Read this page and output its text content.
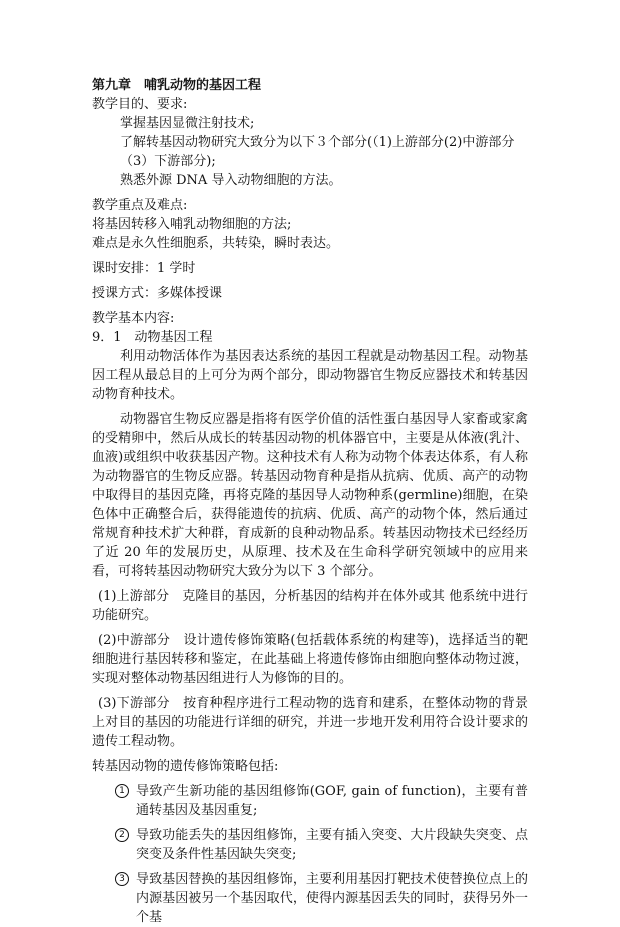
第九章　哺乳动物的基因工程
教学目的、要求:
掌握基因显微注射技术;
了解转基因动物研究大致分为以下３个部分(（1)上游部分(2)中游部分（3）下游部分);
熟悉外源 DNA 导入动物细胞的方法。
教学重点及难点:
将基因转移入哺乳动物细胞的方法;
难点是永久性细胞系，共转染，瞬时表达。
课时安排：1 学时
授课方式：多媒体授课
教学基本内容:
9．1　动物基因工程
利用动物活体作为基因表达系统的基因工程就是动物基因工程。动物基因工程从最总目的上可分为两个部分，即动物器官生物反应器技术和转基因动物育种技术。
动物器官生物反应器是指将有医学价值的活性蛋白基因导人家畜或家禽的受精卵中，然后从成长的转基因动物的机体器官中，主要是从体液(乳汁、血液)或组织中收获基因产物。这种技术有人称为动物个体表达体系，有人称为动物器官的生物反应器。转基因动物育种是指从抗病、优质、高产的动物中取得目的基因克隆，再将克隆的基因导人动物种系(germline)细胞，在染色体中正确整合后，获得能遗传的抗病、优质、高产的动物个体，然后通过常规育种技术扩大种群，育成新的良种动物品系。转基因动物技术已经经历了近 20 年的发展历史，从原理、技术及在生命科学研究领域中的应用来看，可将转基因动物研究大致分为以下 3 个部分。
(1)上游部分　克隆目的基因，分析基因的结构并在体外或其 他系统中进行功能研究。
(2)中游部分　设计遗传修饰策略(包括载体系统的构建等)，选择适当的靶细胞进行基因转移和鉴定，在此基础上将遗传修饰由细胞向整体动物过渡，实现对整体动物基因组进行人为修饰的目的。
(3)下游部分　按育种程序进行工程动物的选育和建系，在整体动物的背景上对目的基因的功能进行详细的研究，并进一步地开发利用符合设计要求的遗传工程动物。
转基因动物的遗传修饰策略包括:
1 导致产生新功能的基因组修饰(GOF, gain of function)，主要有普通转基因及基因重复;
2 导致功能丢失的基因组修饰，主要有插入突变、大片段缺失突变、点突变及条件性基因缺失突变;
3 导致基因替换的基因组修饰，主要利用基因打靶技术使替换位点上的内源基因被另一个基因取代，使得内源基因丢失的同时，获得另外一个基
